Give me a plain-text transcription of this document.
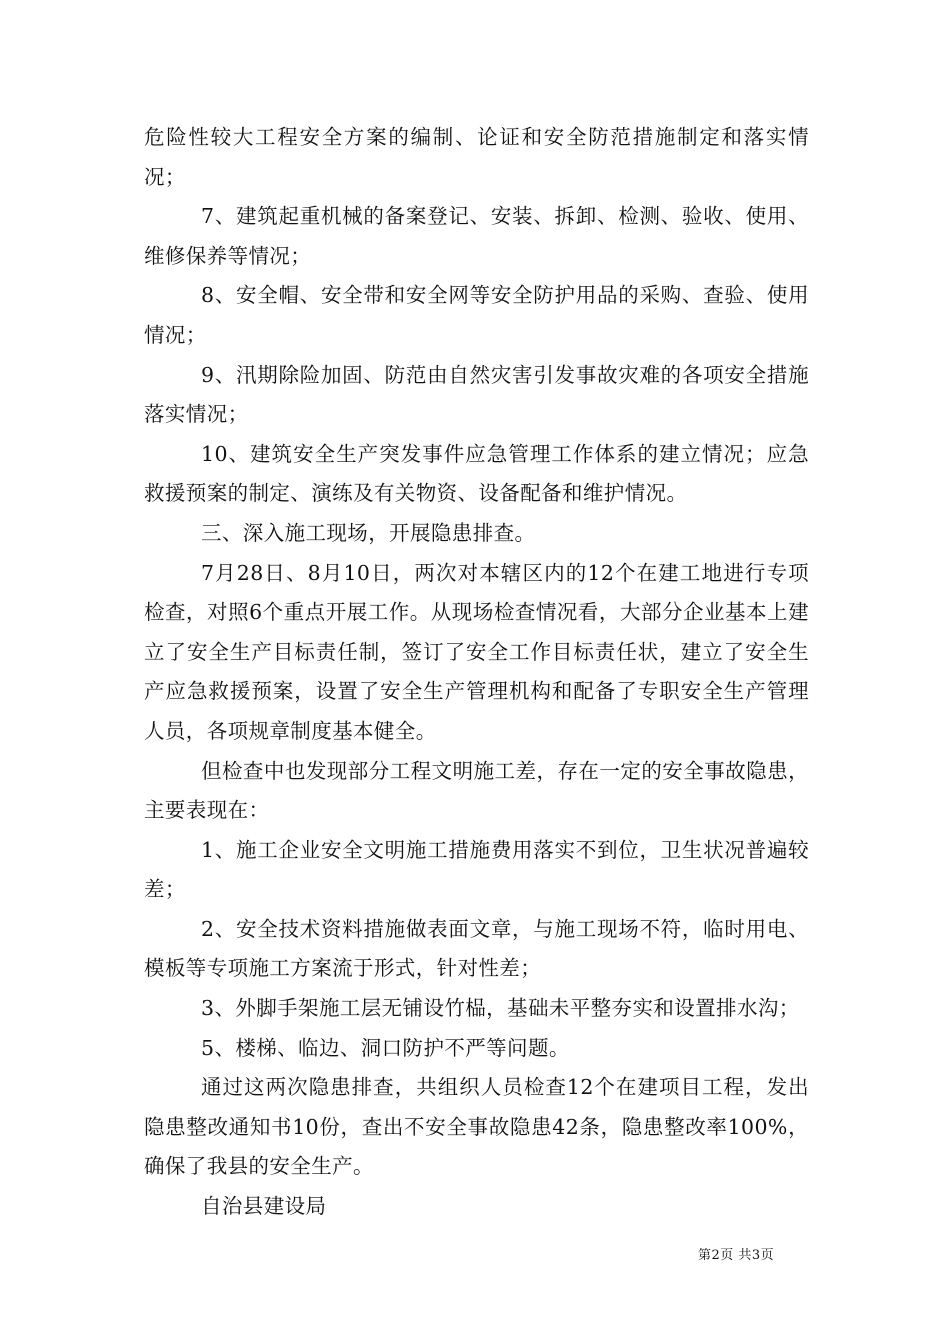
危险性较大工程安全方案的编制、论证和安全防范措施制定和落实情况；

7、建筑起重机械的备案登记、安装、拆卸、检测、验收、使用、维修保养等情况；

8、安全帽、安全带和安全网等安全防护用品的采购、查验、使用情况；

9、汛期除险加固、防范由自然灾害引发事故灾难的各项安全措施落实情况；

10、建筑安全生产突发事件应急管理工作体系的建立情况；应急救援预案的制定、演练及有关物资、设备配备和维护情况。

三、深入施工现场，开展隐患排查。

7月28日、8月10日，两次对本辖区内的12个在建工地进行专项检查，对照6个重点开展工作。从现场检查情况看，大部分企业基本上建立了安全生产目标责任制，签订了安全工作目标责任状，建立了安全生产应急救援预案，设置了安全生产管理机构和配备了专职安全生产管理人员，各项规章制度基本健全。

但检查中也发现部分工程文明施工差，存在一定的安全事故隐患，主要表现在：

1、施工企业安全文明施工措施费用落实不到位，卫生状况普遍较差；

2、安全技术资料措施做表面文章，与施工现场不符，临时用电、模板等专项施工方案流于形式，针对性差；

3、外脚手架施工层无铺设竹榀，基础未平整夯实和设置排水沟；

5、楼梯、临边、洞口防护不严等问题。

通过这两次隐患排查，共组织人员检查12个在建项目工程，发出隐患整改通知书10份，查出不安全事故隐患42条，隐患整改率100%，确保了我县的安全生产。

自治县建设局

第2页 共3页
